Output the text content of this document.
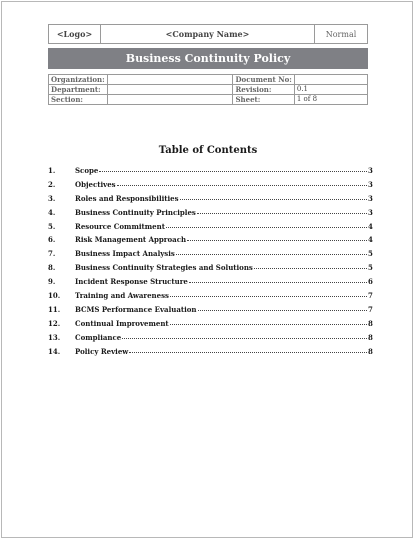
<Logo>	<Company Name>	Normal
Business Continuity Policy
Organization:		Document No:	
Department:		Revision:	0.1
Section:		Sheet:	1 of 8
Table of Contents
1.	Scope	3
2.	Objectives	3
3.	Roles and Responsibilities	3
4.	Business Continuity Principles	3
5.	Resource Commitment	4
6.	Risk Management Approach	4
7.	Business Impact Analysis	5
8.	Business Continuity Strategies and Solutions	5
9.	Incident Response Structure	6
10.	Training and Awareness	7
11.	BCMS Performance Evaluation	7
12.	Continual Improvement	8
13.	Compliance	8
14.	Policy Review	8
